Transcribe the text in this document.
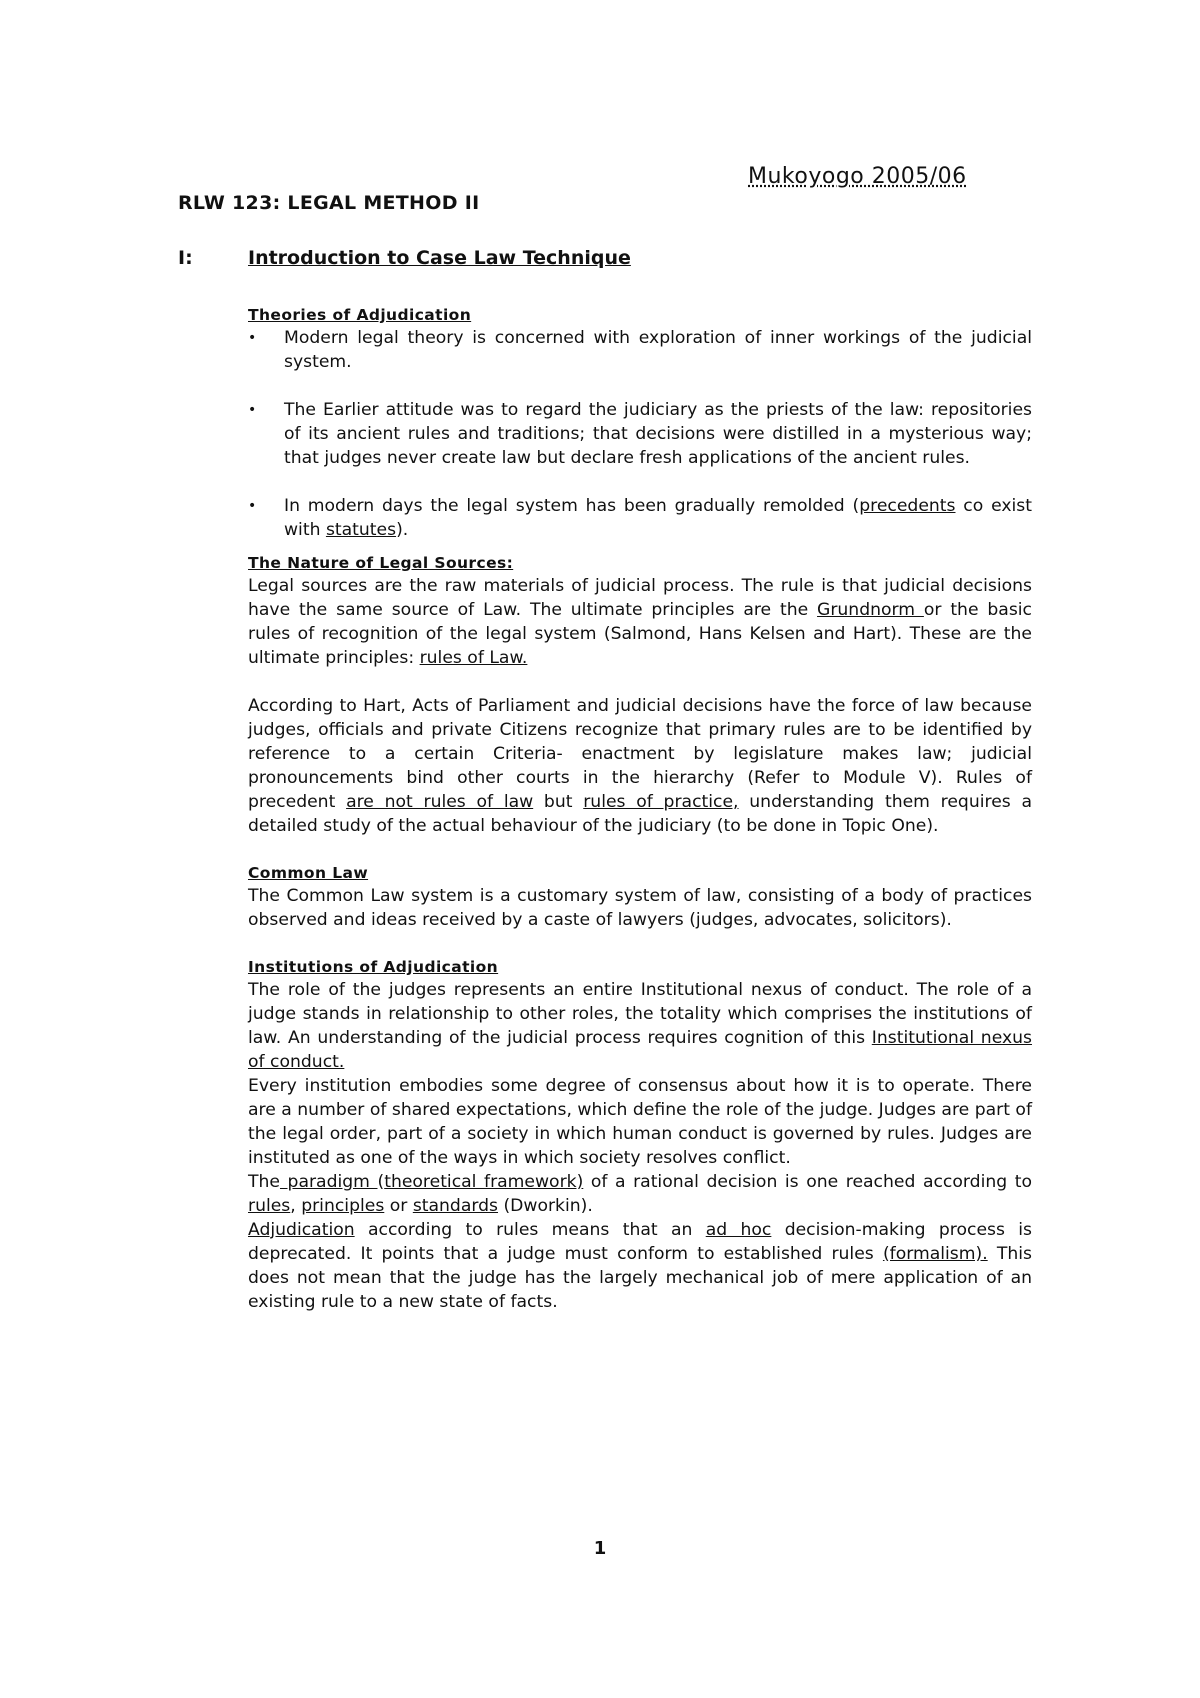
Mukoyogo 2005/06
RLW 123: LEGAL METHOD II
I:	Introduction to Case Law Technique
Theories of Adjudication
•	Modern legal theory is concerned with exploration of inner workings of the judicial system.
•	The Earlier attitude was to regard the judiciary as the priests of the law: repositories of its ancient rules and traditions; that decisions were distilled in a mysterious way; that judges never create law but declare fresh applications of the ancient rules.
•	In modern days the legal system has been gradually remolded (precedents co exist with statutes).
The Nature of Legal Sources:

Legal sources are the raw materials of judicial process. The rule is that judicial decisions have the same source of Law. The ultimate principles are the Grundnorm or the basic rules of recognition of the legal system (Salmond, Hans Kelsen and Hart). These are the ultimate principles: rules of Law.

According to Hart, Acts of Parliament and judicial decisions have the force of law because judges, officials and private Citizens recognize that primary rules are to be identified by reference to a certain Criteria- enactment by legislature makes law; judicial pronouncements bind other courts in the hierarchy (Refer to Module V). Rules of precedent are not rules of law but rules of practice, understanding them requires a detailed study of the actual behaviour of the judiciary (to be done in Topic One).

Common Law

The Common Law system is a customary system of law, consisting of a body of practices observed and ideas received by a caste of lawyers (judges, advocates, solicitors).

Institutions of Adjudication

The role of the judges represents an entire Institutional nexus of conduct. The role of a judge stands in relationship to other roles, the totality which comprises the institutions of law. An understanding of the judicial process requires cognition of this Institutional nexus of conduct.

Every institution embodies some degree of consensus about how it is to operate. There are a number of shared expectations, which define the role of the judge. Judges are part of the legal order, part of a society in which human conduct is governed by rules. Judges are instituted as one of the ways in which society resolves conflict.

The paradigm (theoretical framework) of a rational decision is one reached according to rules, principles or standards (Dworkin).

Adjudication according to rules means that an ad hoc decision-making process is deprecated. It points that a judge must conform to established rules (formalism). This does not mean that the judge has the largely mechanical job of mere application of an existing rule to a new state of facts.

1
